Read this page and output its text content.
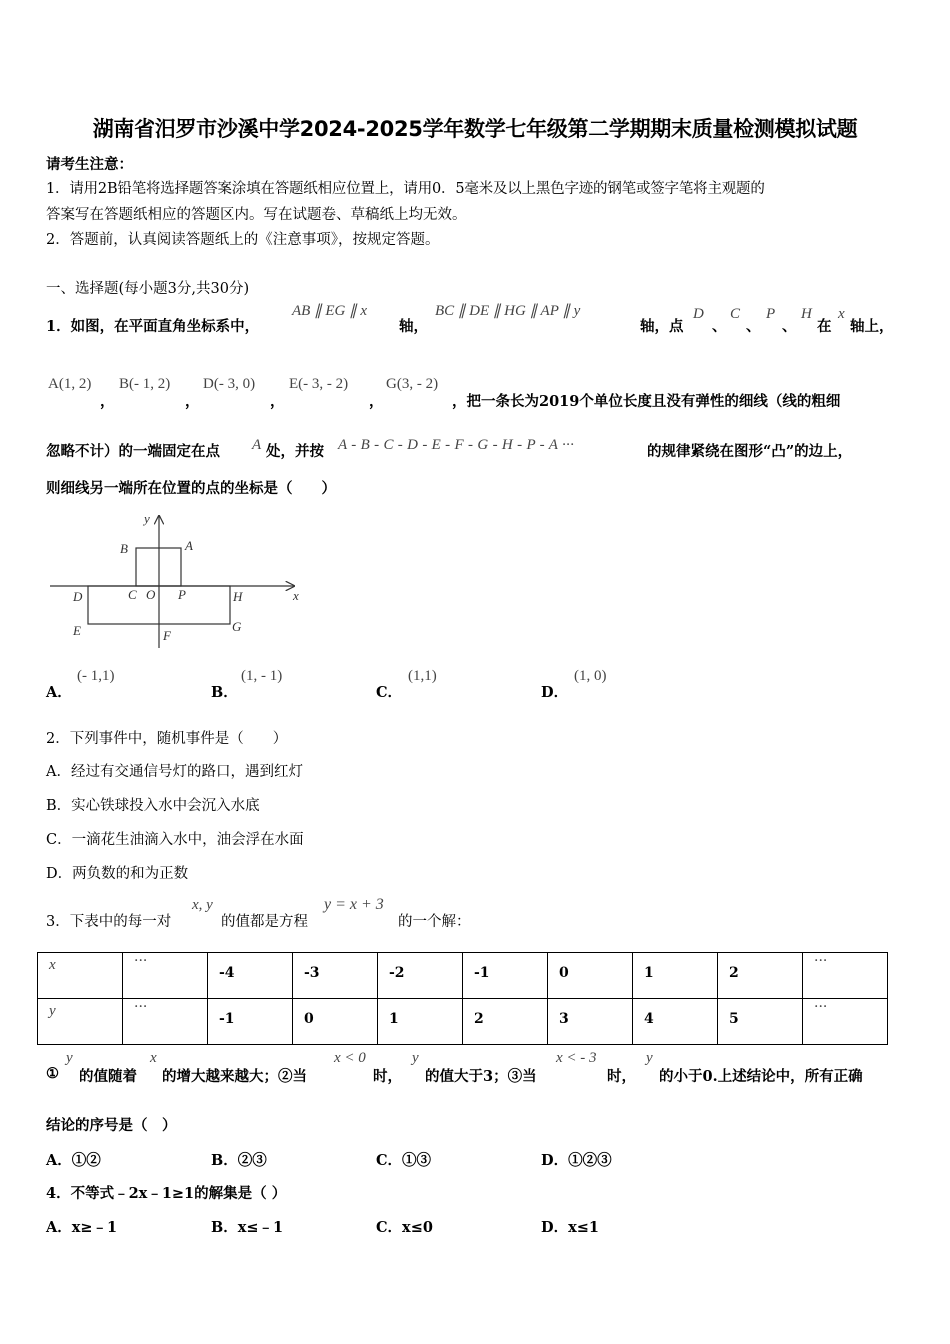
湖南省汨罗市沙溪中学2024-2025学年数学七年级第二学期期末质量检测模拟试题
请考生注意：
1．请用2B铅笔将选择题答案涂填在答题纸相应位置上，请用0．5毫米及以上黑色字迹的钢笔或签字笔将主观题的
答案写在答题纸相应的答题区内。写在试题卷、草稿纸上均无效。
2．答题前，认真阅读答题纸上的《注意事项》，按规定答题。
一、选择题(每小题3分,共30分)
1．如图，在平面直角坐标系中，
AB ∥ EG ∥ x
轴，
BC ∥ DE ∥ HG ∥ AP ∥ y
轴，点
D
、
C
、
P
、
H
在
x
轴上，
A(1, 2)
，
B(- 1, 2)
，
D(- 3, 0)
，
E(- 3, - 2)
，
G(3, - 2)
，把一条长为2019个单位长度且没有弹性的细线（线的粗细
忽略不计）的一端固定在点 A 处，并按 A - B - C - D - E - F - G - H - P - A ···	的规律紧绕在图形“凸”的边上，
则细线另一端所在位置的点的坐标是（　　）
x
y
B	A
D	C O P	H
E	F
G
A．
(- 1,1)
B．
(1, - 1)
C．
(1,1)
D．
(1, 0)
2．下列事件中，随机事件是（　　）
A．经过有交通信号灯的路口，遇到红灯
B．实心铁球投入水中会沉入水底
C．一滴花生油滴入水中，油会浮在水面
D．两负数的和为正数
3．下表中的每一对
x, y
的值都是方程
y = x + 3
的一个解：
x	···	-4	-3	-2	-1	0	1	2	···

y	···	-1	0	1	2	3	4	5	···
①
y
的值随着
x
的增大越来越大；②当
x < 0
时，
y
的值大于3；③当
x < - 3
时，
y
的小于0.上述结论中，所有正确
结论的序号是（　）
A．①②	B．②③	C．①③	D．①②③
4．不等式﹣2x﹣1≥1的解集是（ ）
A．x≥﹣1	B．x≤﹣1	C．x≤0	D．x≤1
